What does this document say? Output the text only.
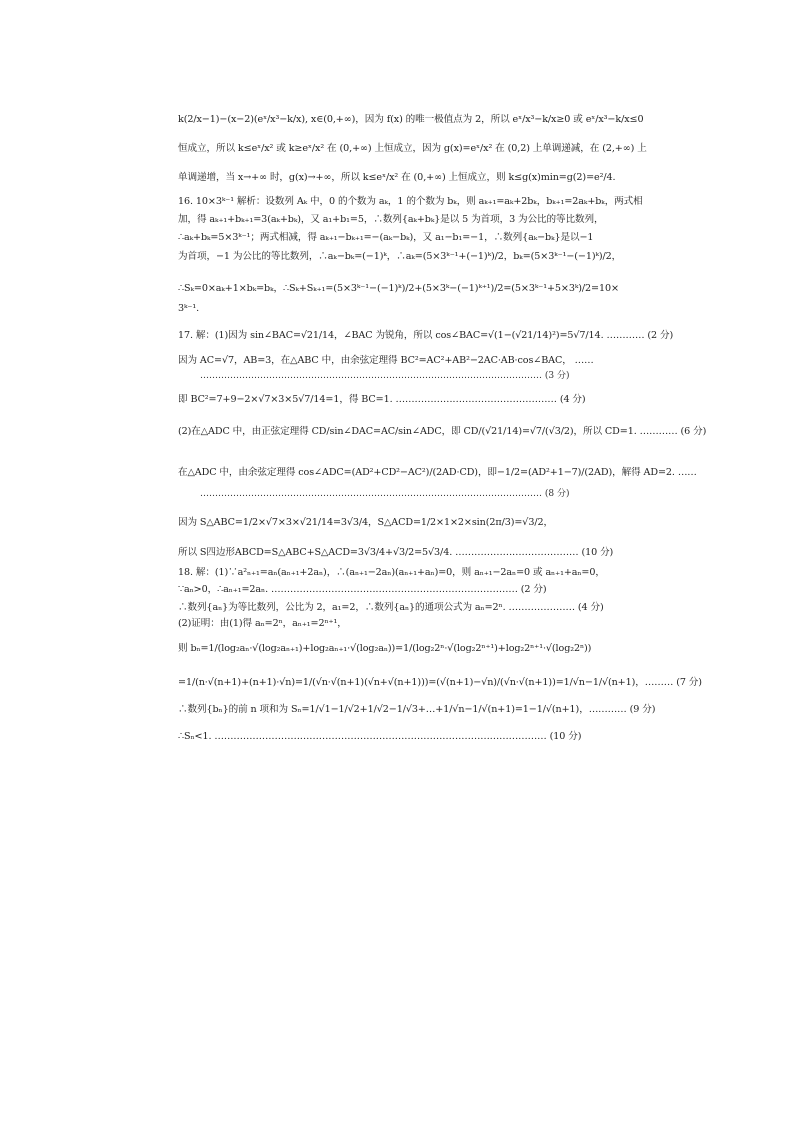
k(2/x−1)−(x−2)(eˣ/x³−k/x), x∈(0,+∞)，因为 f(x) 的唯一极值点为 2，所以 eˣ/x³−k/x≥0 或 eˣ/x³−k/x≤0
恒成立，所以 k≤eˣ/x² 或 k≥eˣ/x² 在 (0,+∞) 上恒成立，因为 g(x)=eˣ/x² 在 (0,2) 上单调递减，在 (2,+∞) 上
单调递增，当 x→+∞ 时，g(x)→+∞，所以 k≤eˣ/x² 在 (0,+∞) 上恒成立，则 k≤g(x)min=g(2)=e²/4.
16. 10×3ᵏ⁻¹ 解析：设数列 Aₖ 中，0 的个数为 aₖ，1 的个数为 bₖ，则 aₖ₊₁=aₖ+2bₖ，bₖ₊₁=2aₖ+bₖ，两式相
加，得 aₖ₊₁+bₖ₊₁=3(aₖ+bₖ)，又 a₁+b₁=5，∴数列{aₖ+bₖ}是以 5 为首项，3 为公比的等比数列，
∴aₖ+bₖ=5×3ᵏ⁻¹；两式相减，得 aₖ₊₁−bₖ₊₁=−(aₖ−bₖ)，又 a₁−b₁=−1，∴数列{aₖ−bₖ}是以−1
为首项，−1 为公比的等比数列，∴aₖ−bₖ=(−1)ᵏ，∴aₖ=(5×3ᵏ⁻¹+(−1)ᵏ)/2，bₖ=(5×3ᵏ⁻¹−(−1)ᵏ)/2，
∴Sₖ=0×aₖ+1×bₖ=bₖ，∴Sₖ+Sₖ₊₁=(5×3ᵏ⁻¹−(−1)ᵏ)/2+(5×3ᵏ−(−1)ᵏ⁺¹)/2=(5×3ᵏ⁻¹+5×3ᵏ)/2=10×
3ᵏ⁻¹.
17. 解：(1)因为 sin∠BAC=√21/14，∠BAC 为锐角，所以 cos∠BAC=√(1−(√21/14)²)=5√7/14. ………… (2 分)
因为 AC=√7，AB=3，在△ABC 中，由余弦定理得 BC²=AC²+AB²−2AC·AB·cos∠BAC， ……
…………………………………………………………………………………………………… (3 分)
即 BC²=7+9−2×√7×3×5√7/14=1，得 BC=1. …………………………………………… (4 分)
(2)在△ADC 中，由正弦定理得 CD/sin∠DAC=AC/sin∠ADC，即 CD/(√21/14)=√7/(√3/2)，所以 CD=1. ………… (6 分)
在△ADC 中，由余弦定理得 cos∠ADC=(AD²+CD²−AC²)/(2AD·CD)，即−1/2=(AD²+1−7)/(2AD)，解得 AD=2. ……
…………………………………………………………………………………………………… (8 分)
因为 S△ABC=1/2×√7×3×√21/14=3√3/4，S△ACD=1/2×1×2×sin(2π/3)=√3/2，
所以 S四边形ABCD=S△ABC+S△ACD=3√3/4+√3/2=5√3/4. ………………………………… (10 分)
18. 解：(1)∵a²ₙ₊₁=aₙ(aₙ₊₁+2aₙ)，∴(aₙ₊₁−2aₙ)(aₙ₊₁+aₙ)=0，则 aₙ₊₁−2aₙ=0 或 aₙ₊₁+aₙ=0，
∵aₙ>0，∴aₙ₊₁=2aₙ. …………………………………………………………………… (2 分)
∴数列{aₙ}为等比数列，公比为 2，a₁=2，∴数列{aₙ}的通项公式为 aₙ=2ⁿ. ………………… (4 分)
(2)证明：由(1)得 aₙ=2ⁿ，aₙ₊₁=2ⁿ⁺¹，
则 bₙ=1/(log₂aₙ·√(log₂aₙ₊₁)+log₂aₙ₊₁·√(log₂aₙ))=1/(log₂2ⁿ·√(log₂2ⁿ⁺¹)+log₂2ⁿ⁺¹·√(log₂2ⁿ))
=1/(n·√(n+1)+(n+1)·√n)=1/(√n·√(n+1)(√n+√(n+1)))=(√(n+1)−√n)/(√n·√(n+1))=1/√n−1/√(n+1)，……… (7 分)
∴数列{bₙ}的前 n 项和为 Sₙ=1/√1−1/√2+1/√2−1/√3+…+1/√n−1/√(n+1)=1−1/√(n+1)，………… (9 分)
∴Sₙ<1. …………………………………………………………………………………………… (10 分)
